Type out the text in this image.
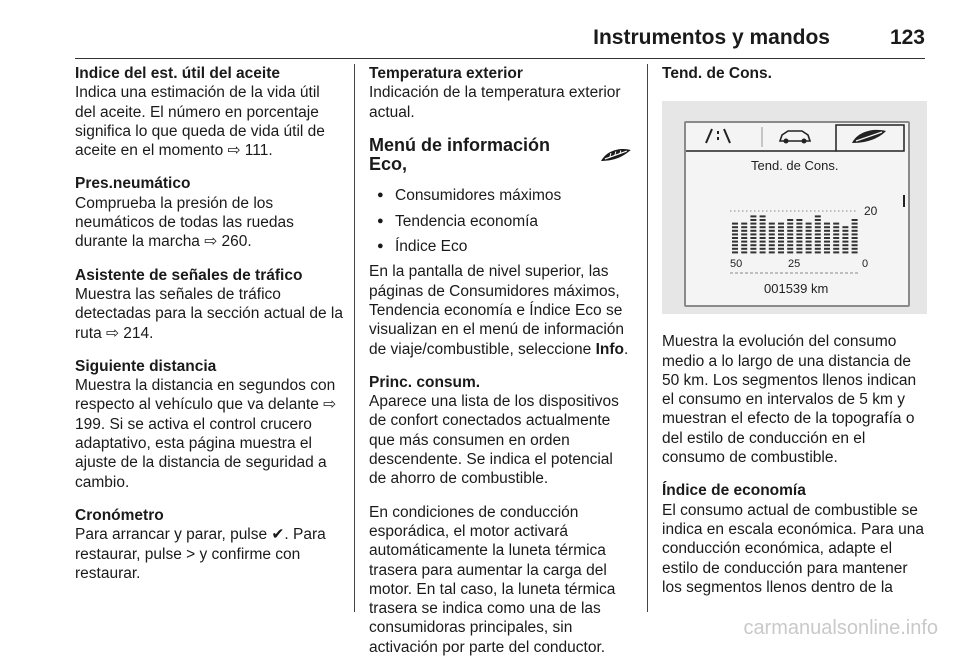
Instrumentos y mandos	123
Indice del est. útil del aceite
Indica una estimación de la vida útil del aceite. El número en porcentaje significa lo que queda de vida útil de aceite en el momento ⇨ 111.
Pres.neumático
Comprueba la presión de los neumáticos de todas las ruedas durante la marcha ⇨ 260.
Asistente de señales de tráfico
Muestra las señales de tráfico detectadas para la sección actual de la ruta ⇨ 214.
Siguiente distancia
Muestra la distancia en segundos con respecto al vehículo que va delante ⇨ 199. Si se activa el control crucero adaptativo, esta página muestra el ajuste de la distancia de seguridad a cambio.
Cronómetro
Para arrancar y parar, pulse ✔. Para restaurar, pulse > y confirme con restaurar.
Temperatura exterior
Indicación de la temperatura exterior actual.
Menú de información Eco,
● Consumidores máximos
● Tendencia economía
● Índice Eco
En la pantalla de nivel superior, las páginas de Consumidores máximos, Tendencia economía e Índice Eco se visualizan en el menú de información de viaje/combustible, seleccione Info.
Princ. consum.
Aparece una lista de los dispositivos de confort conectados actualmente que más consumen en orden descendente. Se indica el potencial de ahorro de combustible.
En condiciones de conducción esporádica, el motor activará automáticamente la luneta térmica trasera para aumentar la carga del motor. En tal caso, la luneta térmica trasera se indica como una de las consumidoras principales, sin activación por parte del conductor.
Tend. de Cons.
Tend. de Cons.
20
50	25	0
001539 km
Muestra la evolución del consumo medio a lo largo de una distancia de 50 km. Los segmentos llenos indican el consumo en intervalos de 5 km y muestran el efecto de la topografía o del estilo de conducción en el consumo de combustible.
Índice de economía
El consumo actual de combustible se indica en escala económica. Para una conducción económica, adapte el estilo de conducción para mantener los segmentos llenos dentro de la
carmanualsonline.info
